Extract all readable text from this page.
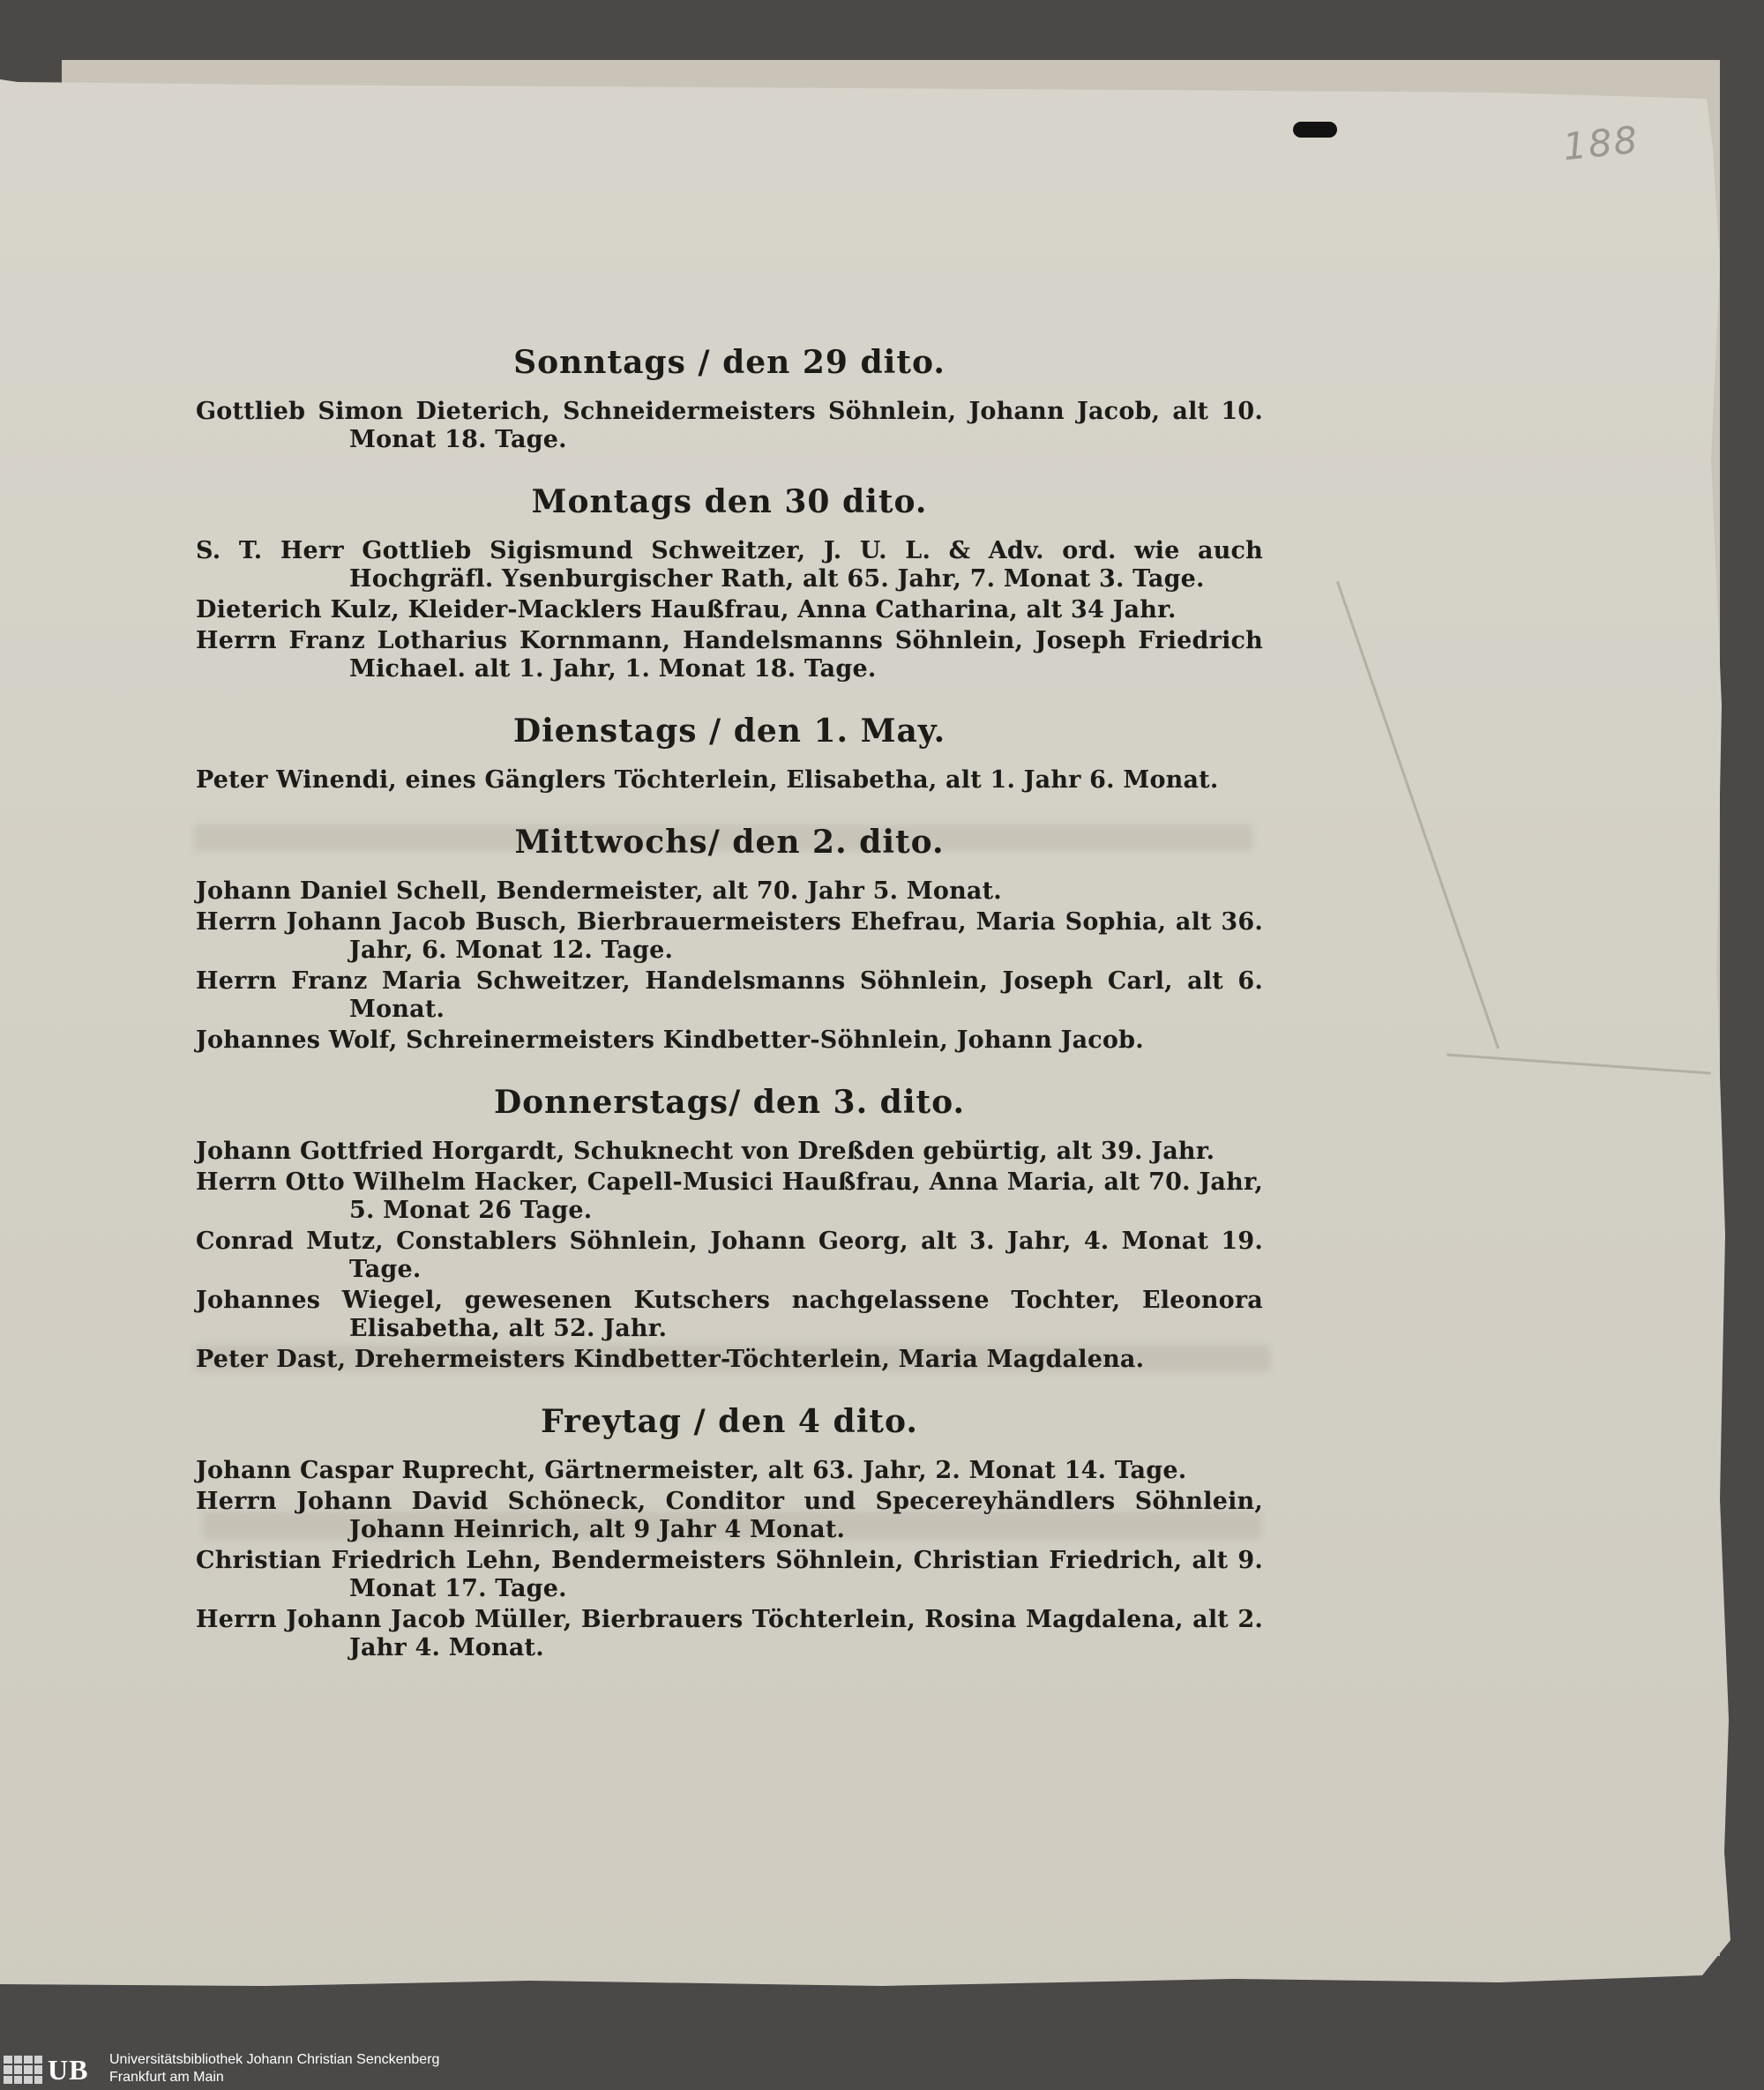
188
Sonntags / den 29 dito.

Gottlieb Simon Dieterich, Schneidermeisters Söhnlein, Johann Jacob, alt 10. Monat 18. Tage.

Montags den 30 dito.

S. T. Herr Gottlieb Sigismund Schweitzer, J. U. L. & Adv. ord. wie auch Hochgräfl. Ysenburgischer Rath, alt 65. Jahr, 7. Monat 3. Tage.

Dieterich Kulz, Kleider-Macklers Haußfrau, Anna Catharina, alt 34 Jahr.

Herrn Franz Lotharius Kornmann, Handelsmanns Söhnlein, Joseph Friedrich Michael. alt 1. Jahr, 1. Monat 18. Tage.

Dienstags / den 1. May.

Peter Winendi, eines Gänglers Töchterlein, Elisabetha, alt 1. Jahr 6. Monat.

Mittwochs/ den 2. dito.

Johann Daniel Schell, Bendermeister, alt 70. Jahr 5. Monat.

Herrn Johann Jacob Busch, Bierbrauermeisters Ehefrau, Maria Sophia, alt 36. Jahr, 6. Monat 12. Tage.

Herrn Franz Maria Schweitzer, Handelsmanns Söhnlein, Joseph Carl, alt 6. Monat.

Johannes Wolf, Schreinermeisters Kindbetter-Söhnlein, Johann Jacob.

Donnerstags/ den 3. dito.

Johann Gottfried Horgardt, Schuknecht von Dreßden gebürtig, alt 39. Jahr.

Herrn Otto Wilhelm Hacker, Capell-Musici Haußfrau, Anna Maria, alt 70. Jahr, 5. Monat 26 Tage.

Conrad Mutz, Constablers Söhnlein, Johann Georg, alt 3. Jahr, 4. Monat 19. Tage.

Johannes Wiegel, gewesenen Kutschers nachgelassene Tochter, Eleonora Elisabetha, alt 52. Jahr.

Peter Dast, Drehermeisters Kindbetter-Töchterlein, Maria Magdalena.

Freytag / den 4 dito.

Johann Caspar Ruprecht, Gärtnermeister, alt 63. Jahr, 2. Monat 14. Tage.

Herrn Johann David Schöneck, Conditor und Specereyhändlers Söhnlein, Johann Heinrich, alt 9 Jahr 4 Monat.

Christian Friedrich Lehn, Bendermeisters Söhnlein, Christian Friedrich, alt 9. Monat 17. Tage.

Herrn Johann Jacob Müller, Bierbrauers Töchterlein, Rosina Magdalena, alt 2. Jahr 4. Monat.

UB Universitätsbibliothek Johann Christian Senckenberg
Frankfurt am Main
